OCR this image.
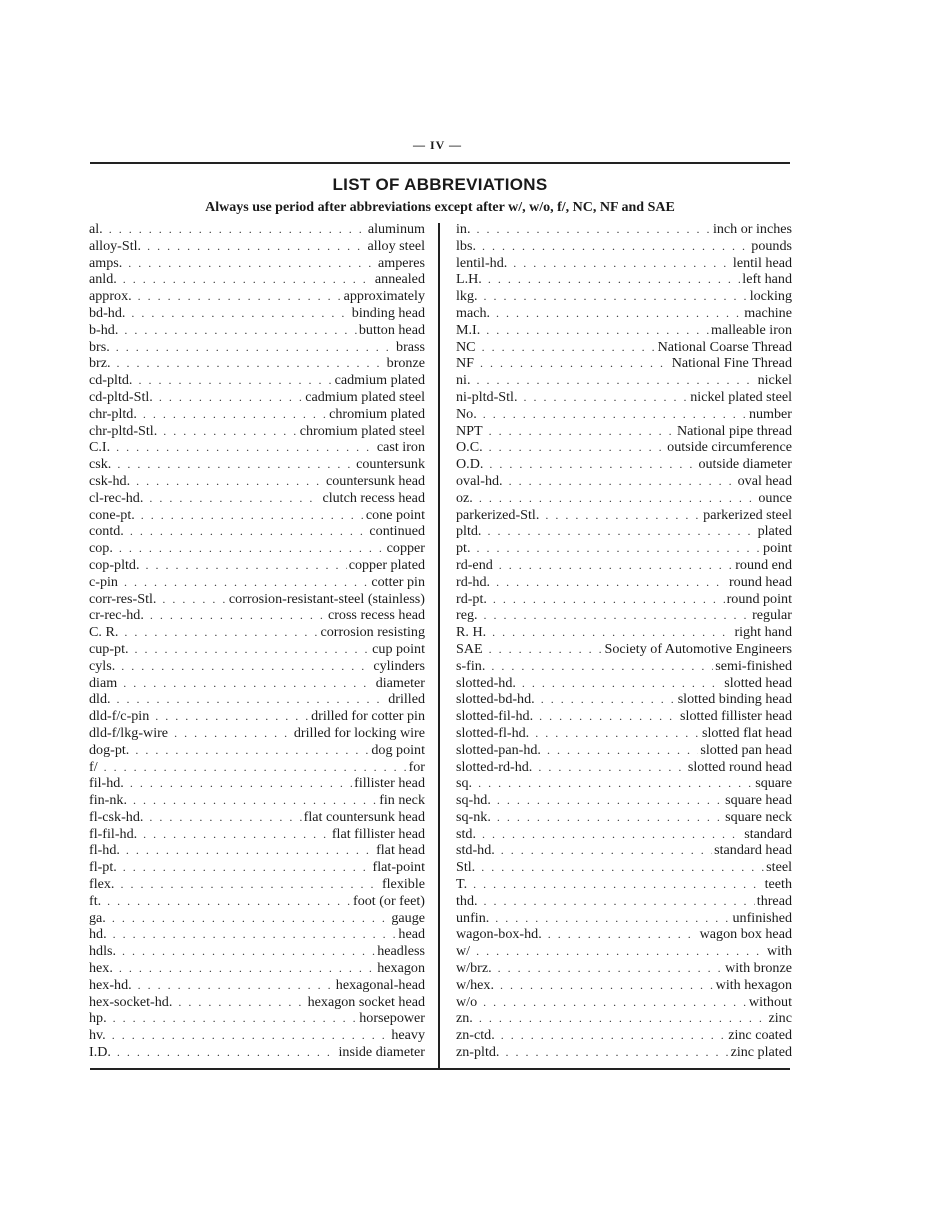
— IV —
LIST OF ABBREVIATIONS
Always use period after abbreviations except after w/, w/o, f/, NC, NF and SAE
al. . . .	aluminum
alloy-Stl. . . .	alloy steel
amps. . . .	amperes
anld. . . .	annealed
approx. . . .	approximately
bd-hd. . . .	binding head
b-hd. . . .	button head
brs. . . .	brass
brz. . . .	bronze
cd-pltd. . . .	cadmium plated
cd-pltd-Stl. . . .	cadmium plated steel
chr-pltd. . . .	chromium plated
chr-pltd-Stl. . . .	chromium plated steel
C.I. . . .	cast iron
csk. . . .	countersunk
csk-hd. . . .	countersunk head
cl-rec-hd. . . .	clutch recess head
cone-pt. . . .	cone point
contd. . . .	continued
cop. . . .	copper
cop-pltd. . . .	copper plated
c-pin . . .	cotter pin
corr-res-Stl. . . .	corrosion-resistant-steel (stainless)
cr-rec-hd. . . .	cross recess head
C. R. . . .	corrosion resisting
cup-pt. . . .	cup point
cyls. . . .	cylinders
diam . . .	diameter
dld. . . .	drilled
dld-f/c-pin . . .	drilled for cotter pin
dld-f/lkg-wire . . .	drilled for locking wire
dog-pt. . . .	dog point
f/ . . .	for
fil-hd. . . .	fillister head
fin-nk. . . .	fin neck
fl-csk-hd. . . .	flat countersunk head
fl-fil-hd. . . .	flat fillister head
fl-hd. . . .	flat head
fl-pt. . . .	flat-point
flex. . . .	flexible
ft. . . .	foot (or feet)
ga. . . .	gauge
hd. . . .	head
hdls. . . .	headless
hex. . . .	hexagon
hex-hd. . . .	hexagonal-head
hex-socket-hd. . . .	hexagon socket head
hp. . . .	horsepower
hv. . . .	heavy
I.D. . . .	inside diameter
in. . . .	inch or inches
lbs. . . .	pounds
lentil-hd. . . .	lentil head
L.H. . . .	left hand
lkg. . . .	locking
mach. . . .	machine
M.I. . . .	malleable iron
NC . . .	National Coarse Thread
NF . . .	National Fine Thread
ni. . . .	nickel
ni-pltd-Stl. . . .	nickel plated steel
No. . . .	number
NPT . . .	National pipe thread
O.C. . . .	outside circumference
O.D. . . .	outside diameter
oval-hd. . . .	oval head
oz. . . .	ounce
parkerized-Stl. . . .	parkerized steel
pltd. . . .	plated
pt. . . .	point
rd-end . . .	round end
rd-hd. . . .	round head
rd-pt. . . .	round point
reg. . . .	regular
R. H. . . .	right hand
SAE . . .	Society of Automotive Engineers
s-fin. . . .	semi-finished
slotted-hd. . . .	slotted head
slotted-bd-hd. . . .	slotted binding head
slotted-fil-hd. . . .	slotted fillister head
slotted-fl-hd. . . .	slotted flat head
slotted-pan-hd. . . .	slotted pan head
slotted-rd-hd. . . .	slotted round head
sq. . . .	square
sq-hd. . . .	square head
sq-nk. . . .	square neck
std. . . .	standard
std-hd. . . .	standard head
Stl. . . .	steel
T. . . .	teeth
thd. . . .	thread
unfin. . . .	unfinished
wagon-box-hd. . . .	wagon box head
w/ . . .	with
w/brz. . . .	with bronze
w/hex. . . .	with hexagon
w/o . . .	without
zn. . . .	zinc
zn-ctd. . . .	zinc coated
zn-pltd. . . .	zinc plated
